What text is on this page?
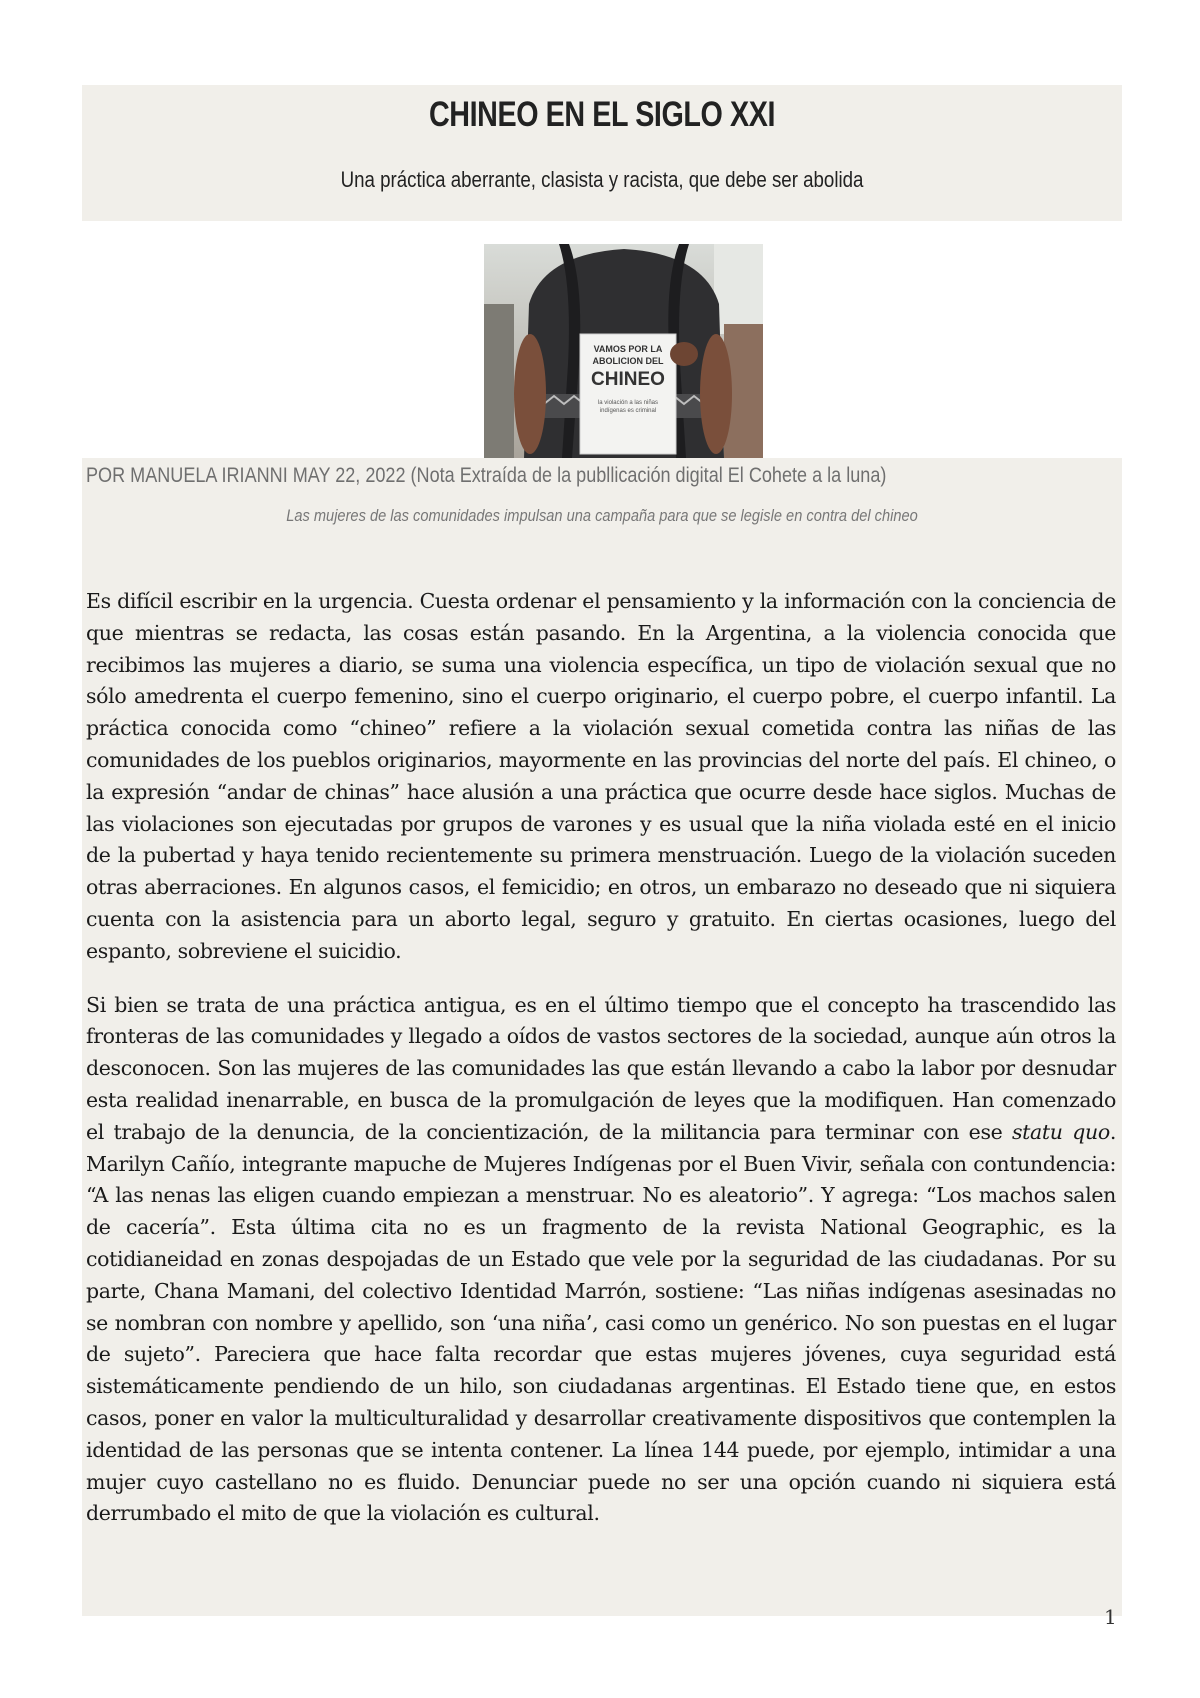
CHINEO EN EL SIGLO XXI
Una práctica aberrante, clasista y racista, que debe ser abolida
VAMOS POR LA
ABOLICION DEL
CHINEO
la violación a las niñas
indígenas es criminal
POR MANUELA IRIANNI MAY 22, 2022 (Nota Extraída de la publlicación digital El Cohete a la luna)
Las mujeres de las comunidades impulsan una campaña para que se legisle en contra del chineo

Es difícil escribir en la urgencia. Cuesta ordenar el pensamiento y la información con la conciencia de que mientras se redacta, las cosas están pasando. En la Argentina, a la violencia conocida que recibimos las mujeres a diario, se suma una violencia específica, un tipo de violación sexual que no sólo amedrenta el cuerpo femenino, sino el cuerpo originario, el cuerpo pobre, el cuerpo infantil. La práctica conocida como “chineo” refiere a la violación sexual cometida contra las niñas de las comunidades de los pueblos originarios, mayormente en las provincias del norte del país. El chineo, o la expresión “andar de chinas” hace alusión a una práctica que ocurre desde hace siglos. Muchas de las violaciones son ejecutadas por grupos de varones y es usual que la niña violada esté en el inicio de la pubertad y haya tenido recientemente su primera menstruación. Luego de la violación suceden otras aberraciones. En algunos casos, el femicidio; en otros, un embarazo no deseado que ni siquiera cuenta con la asistencia para un aborto legal, seguro y gratuito. En ciertas ocasiones, luego del espanto, sobreviene el suicidio.

Si bien se trata de una práctica antigua, es en el último tiempo que el concepto ha trascendido las fronteras de las comunidades y llegado a oídos de vastos sectores de la sociedad, aunque aún otros la desconocen. Son las mujeres de las comunidades las que están llevando a cabo la labor por desnudar esta realidad inenarrable, en busca de la promulgación de leyes que la modifiquen. Han comenzado el trabajo de la denuncia, de la concientización, de la militancia para terminar con ese statu quo. Marilyn Cañío, integrante mapuche de Mujeres Indígenas por el Buen Vivir, señala con contundencia: “A las nenas las eligen cuando empiezan a menstruar. No es aleatorio”. Y agrega: “Los machos salen de cacería”. Esta última cita no es un fragmento de la revista National Geographic, es la cotidianeidad en zonas despojadas de un Estado que vele por la seguridad de las ciudadanas. Por su parte, Chana Mamani, del colectivo Identidad Marrón, sostiene: “Las niñas indígenas asesinadas no se nombran con nombre y apellido, son ‘una niña’, casi como un genérico. No son puestas en el lugar de sujeto”. Pareciera que hace falta recordar que estas mujeres jóvenes, cuya seguridad está sistemáticamente pendiendo de un hilo, son ciudadanas argentinas. El Estado tiene que, en estos casos, poner en valor la multiculturalidad y desarrollar creativamente dispositivos que contemplen la identidad de las personas que se intenta contener. La línea 144 puede, por ejemplo, intimidar a una mujer cuyo castellano no es fluido. Denunciar puede no ser una opción cuando ni siquiera está derrumbado el mito de que la violación es cultural.

1
